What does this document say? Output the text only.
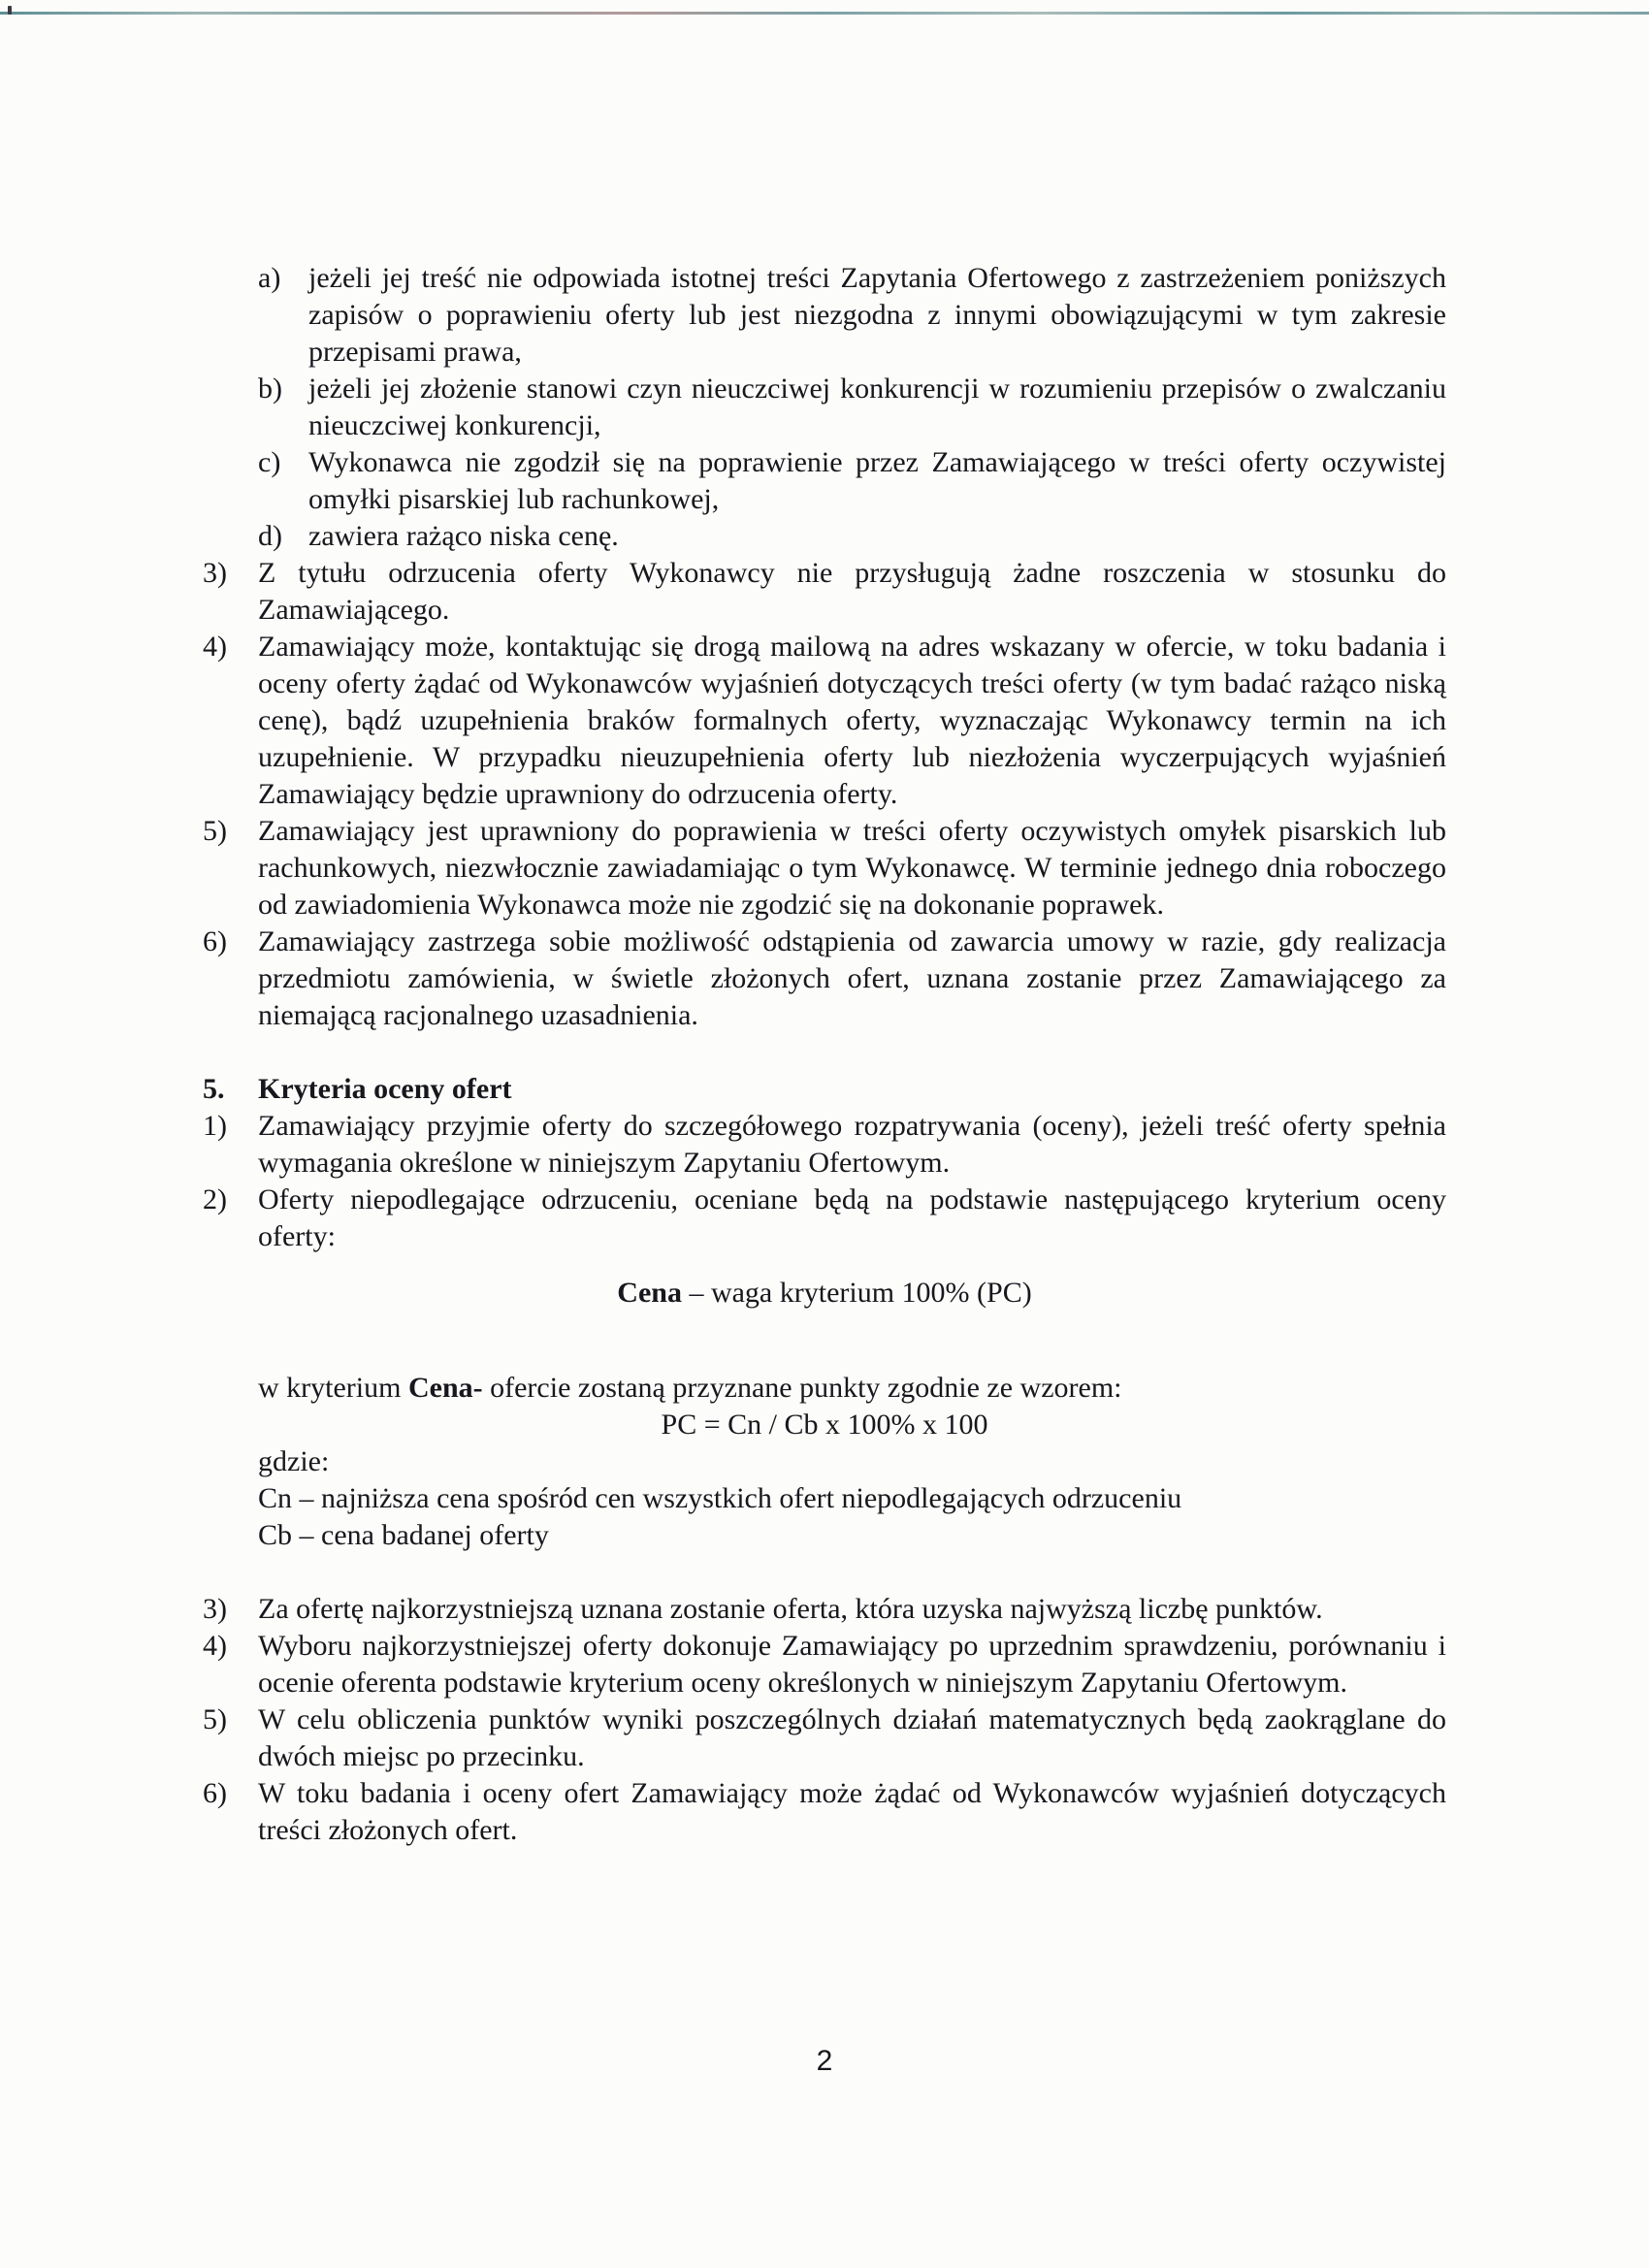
a) jeżeli jej treść nie odpowiada istotnej treści Zapytania Ofertowego z zastrzeżeniem poniższych zapisów o poprawieniu oferty lub jest niezgodna z innymi obowiązującymi w tym zakresie przepisami prawa,
b) jeżeli jej złożenie stanowi czyn nieuczciwej konkurencji w rozumieniu przepisów o zwalczaniu nieuczciwej konkurencji,
c) Wykonawca nie zgodził się na poprawienie przez Zamawiającego w treści oferty oczywistej omyłki pisarskiej lub rachunkowej,
d) zawiera rażąco niska cenę.
3)	Z tytułu odrzucenia oferty Wykonawcy nie przysługują żadne roszczenia w stosunku do Zamawiającego.
4)	Zamawiający może, kontaktując się drogą mailową na adres wskazany w ofercie, w toku badania i oceny oferty żądać od Wykonawców wyjaśnień dotyczących treści oferty (w tym badać rażąco niską cenę), bądź uzupełnienia braków formalnych oferty, wyznaczając Wykonawcy termin na ich uzupełnienie. W przypadku nieuzupełnienia oferty lub niezłożenia wyczerpujących wyjaśnień Zamawiający będzie uprawniony do odrzucenia oferty.
5)	Zamawiający jest uprawniony do poprawienia w treści oferty oczywistych omyłek pisarskich lub rachunkowych, niezwłocznie zawiadamiając o tym Wykonawcę. W terminie jednego dnia roboczego od zawiadomienia Wykonawca może nie zgodzić się na dokonanie poprawek.
6)	Zamawiający zastrzega sobie możliwość odstąpienia od zawarcia umowy w razie, gdy realizacja przedmiotu zamówienia, w świetle złożonych ofert, uznana zostanie przez Zamawiającego za niemającą racjonalnego uzasadnienia.
5.	Kryteria oceny ofert
1)	Zamawiający przyjmie oferty do szczegółowego rozpatrywania (oceny), jeżeli treść oferty spełnia wymagania określone w niniejszym Zapytaniu Ofertowym.
2)	Oferty niepodlegające odrzuceniu, oceniane będą na podstawie następującego kryterium oceny oferty:
Cena – waga kryterium 100% (PC)
w kryterium Cena- ofercie zostaną przyznane punkty zgodnie ze wzorem:
PC = Cn / Cb x 100% x 100
gdzie:
Cn – najniższa cena spośród cen wszystkich ofert niepodlegających odrzuceniu
Cb – cena badanej oferty
3)	Za ofertę najkorzystniejszą uznana zostanie oferta, która uzyska najwyższą liczbę punktów.
4)	Wyboru najkorzystniejszej oferty dokonuje Zamawiający po uprzednim sprawdzeniu, porównaniu i ocenie oferenta podstawie kryterium oceny określonych w niniejszym Zapytaniu Ofertowym.
5)	W celu obliczenia punktów wyniki poszczególnych działań matematycznych będą zaokrąglane do dwóch miejsc po przecinku.
6)	W toku badania i oceny ofert Zamawiający może żądać od Wykonawców wyjaśnień dotyczących treści złożonych ofert.
2
